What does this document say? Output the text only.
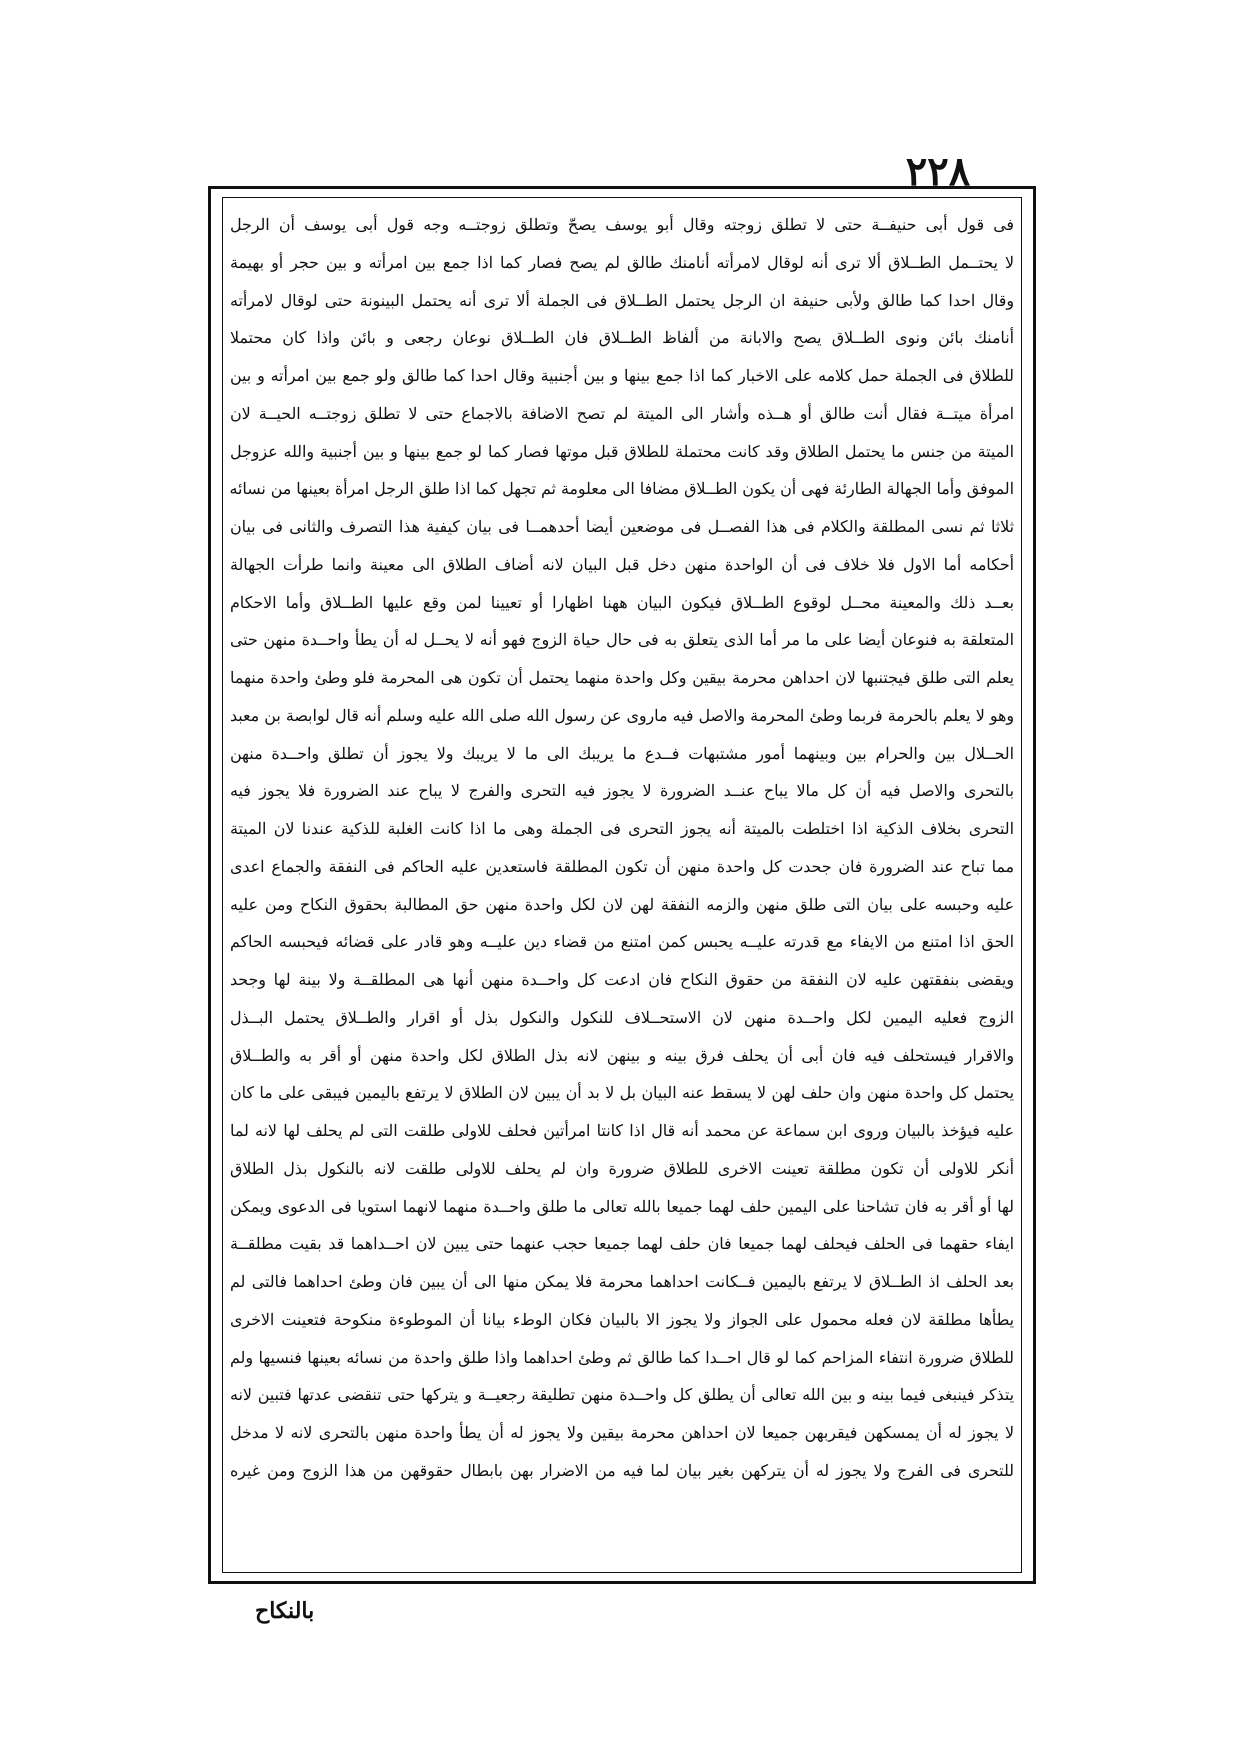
٢٢٨
فى قول أبى حنيفــة حتى لا تطلق زوجته وقال أبو يوسف يصحّ وتطلق زوجتــه وجه قول أبى يوسف أن الرجل
لا يحتــمل الطــلاق ألا ترى أنه لوقال لامرأته أنامنك طالق لم يصح فصار كما اذا جمع بين امرأته و بين حجر أو بهيمة
وقال احدا كما طالق ولأبى حنيفة ان الرجل يحتمل الطــلاق فى الجملة ألا ترى أنه يحتمل البينونة حتى لوقال لامرأته
أنامنك بائن ونوى الطــلاق يصح والابانة من ألفاظ الطــلاق فان الطــلاق نوعان رجعى و بائن واذا كان محتملا
للطلاق فى الجملة حمل كلامه على الاخبار كما اذا جمع بينها و بين أجنبية وقال احدا كما طالق ولو جمع بين امرأته و بين
امرأة ميتــة فقال أنت طالق أو هــذه وأشار الى الميتة لم تصح الاضافة بالاجماع حتى لا تطلق زوجتــه الحيــة لان
الميتة من جنس ما يحتمل الطلاق وقد كانت محتملة للطلاق قبل موتها فصار كما لو جمع بينها و بين أجنبية والله عزوجل
الموفق وأما الجهالة الطارئة فهى أن يكون الطــلاق مضافا الى معلومة ثم تجهل كما اذا طلق الرجل امرأة بعينها من نسائه
ثلاثا ثم نسى المطلقة والكلام فى هذا الفصــل فى موضعين أيضا أحدهمــا فى بيان كيفية هذا التصرف والثانى فى بيان
أحكامه أما الاول فلا خلاف فى أن الواحدة منهن دخل قبل البيان لانه أضاف الطلاق الى معينة وانما طرأت الجهالة
بعــد ذلك والمعينة محــل لوقوع الطــلاق فيكون البيان ههنا اظهارا أو تعيينا لمن وقع عليها الطــلاق وأما الاحكام
المتعلقة به فنوعان أيضا على ما مر أما الذى يتعلق به فى حال حياة الزوج فهو أنه لا يحــل له أن يطأ واحــدة منهن حتى
يعلم التى طلق فيجتنبها لان احداهن محرمة بيقين وكل واحدة منهما يحتمل أن تكون هى المحرمة فلو وطئ واحدة منهما
وهو لا يعلم بالحرمة فربما وطئ المحرمة والاصل فيه ماروى عن رسول الله صلى الله عليه وسلم أنه قال لوابصة بن معبد
الحــلال بين والحرام بين وبينهما أمور مشتبهات فــدع ما يريبك الى ما لا يريبك ولا يجوز أن تطلق واحــدة منهن
بالتحرى والاصل فيه أن كل مالا يباح عنــد الضرورة لا يجوز فيه التحرى والفرج لا يباح عند الضرورة فلا يجوز فيه
التحرى بخلاف الذكية اذا اختلطت بالميتة أنه يجوز التحرى فى الجملة وهى ما اذا كانت الغلبة للذكية عندنا لان الميتة
مما تباح عند الضرورة فان جحدت كل واحدة منهن أن تكون المطلقة فاستعدين عليه الحاكم فى النفقة والجماع اعدى
عليه وحبسه على بيان التى طلق منهن والزمه النفقة لهن لان لكل واحدة منهن حق المطالبة بحقوق النكاح ومن عليه
الحق اذا امتنع من الايفاء مع قدرته عليــه يحبس كمن امتنع من قضاء دين عليــه وهو قادر على قضائه فيحبسه الحاكم
ويقضى بنفقتهن عليه لان النفقة من حقوق النكاح فان ادعت كل واحــدة منهن أنها هى المطلقــة ولا بينة لها وجحد
الزوج فعليه اليمين لكل واحــدة منهن لان الاستحــلاف للنكول والنكول بذل أو اقرار والطــلاق يحتمل البــذل
والاقرار فيستحلف فيه فان أبى أن يحلف فرق بينه و بينهن لانه بذل الطلاق لكل واحدة منهن أو أقر به والطــلاق
يحتمل كل واحدة منهن وان حلف لهن لا يسقط عنه البيان بل لا بد أن يبين لان الطلاق لا يرتفع باليمين فيبقى على ما كان
عليه فيؤخذ بالبيان وروى ابن سماعة عن محمد أنه قال اذا كانتا امرأتين فحلف للاولى طلقت التى لم يحلف لها لانه لما
أنكر للاولى أن تكون مطلقة تعينت الاخرى للطلاق ضرورة وان لم يحلف للاولى طلقت لانه بالنكول بذل الطلاق
لها أو أقر به فان تشاحنا على اليمين حلف لهما جميعا بالله تعالى ما طلق واحــدة منهما لانهما استويا فى الدعوى ويمكن
ايفاء حقهما فى الحلف فيحلف لهما جميعا فان حلف لهما جميعا حجب عنهما حتى يبين لان احــداهما قد بقيت مطلقــة
بعد الحلف اذ الطــلاق لا يرتفع باليمين فــكانت احداهما محرمة فلا يمكن منها الى أن يبين فان وطئ احداهما فالتى لم
يطأها مطلقة لان فعله محمول على الجواز ولا يجوز الا بالبيان فكان الوطء بيانا أن الموطوءة منكوحة فتعينت الاخرى
للطلاق ضرورة انتفاء المزاحم كما لو قال احــدا كما طالق ثم وطئ احداهما واذا طلق واحدة من نسائه بعينها فنسيها ولم
يتذكر فينبغى فيما بينه و بين الله تعالى أن يطلق كل واحــدة منهن تطليقة رجعيــة و يتركها حتى تنقضى عدتها فتبين لانه
لا يجوز له أن يمسكهن فيقربهن جميعا لان احداهن محرمة بيقين ولا يجوز له أن يطأ واحدة منهن بالتحرى لانه لا مدخل
للتحرى فى الفرج ولا يجوز له أن يتركهن بغير بيان لما فيه من الاضرار بهن بابطال حقوقهن من هذا الزوج ومن غيره
بالنكاح
